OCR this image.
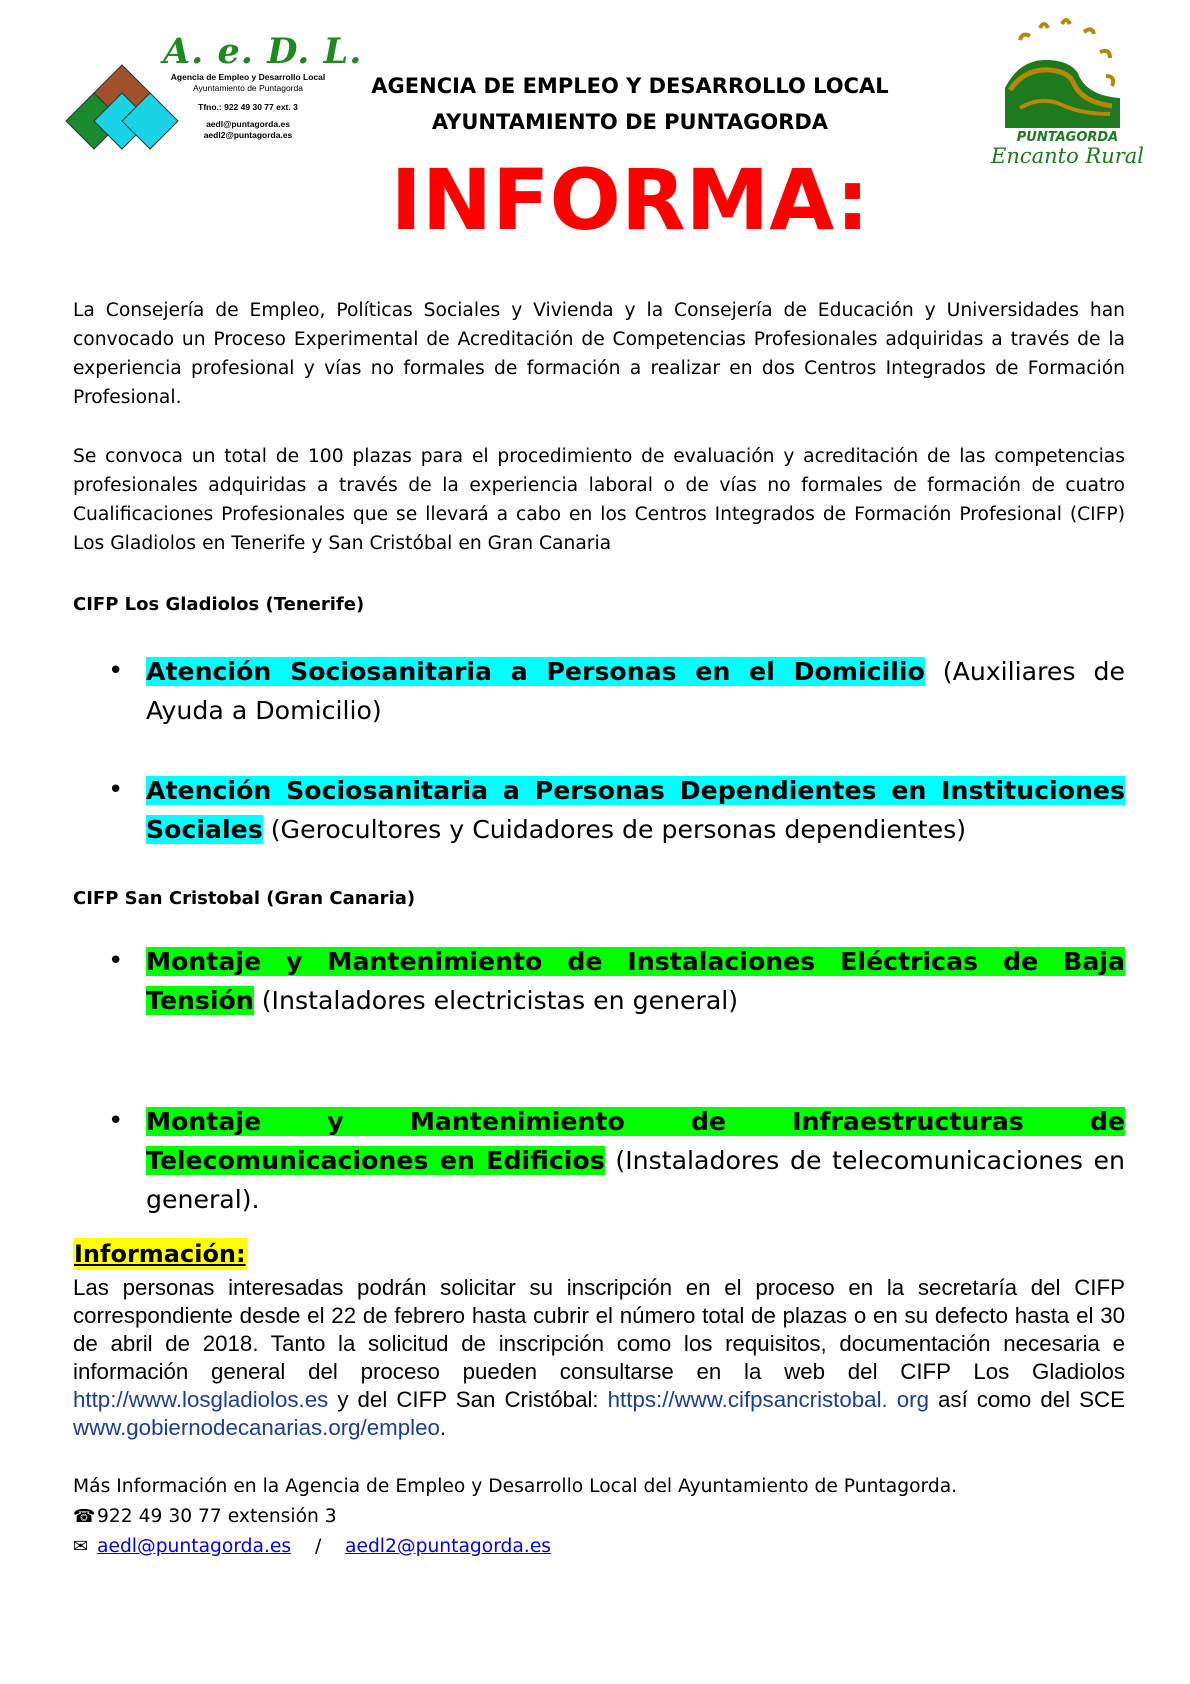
A. e. D. L.
Agencia de Empleo y Desarrollo Local
Ayuntamiento de Puntagorda
Tfno.: 922 49 30 77 ext. 3
aedl@puntagorda.es
aedl2@puntagorda.es
AGENCIA DE EMPLEO Y DESARROLLO LOCAL
AYUNTAMIENTO DE PUNTAGORDA
INFORMA:
PUNTAGORDA
Encanto Rural
La Consejería de Empleo, Políticas Sociales y Vivienda y la Consejería de Educación y Universidades han convocado un Proceso Experimental de Acreditación de Competencias Profesionales adquiridas a través de la experiencia profesional y vías no formales de formación a realizar en dos Centros Integrados de Formación Profesional.
Se convoca un total de 100 plazas para el procedimiento de evaluación y acreditación de las competencias profesionales adquiridas a través de la experiencia laboral o de vías no formales de formación de cuatro Cualificaciones Profesionales que se llevará a cabo en los Centros Integrados de Formación Profesional (CIFP) Los Gladiolos en Tenerife y San Cristóbal en Gran Canaria
CIFP Los Gladiolos (Tenerife)
• Atención Sociosanitaria a Personas en el Domicilio (Auxiliares de Ayuda a Domicilio)
• Atención Sociosanitaria a Personas Dependientes en Instituciones Sociales (Gerocultores y Cuidadores de personas dependientes)
CIFP San Cristobal (Gran Canaria)
• Montaje y Mantenimiento de Instalaciones Eléctricas de Baja Tensión (Instaladores electricistas en general)
• Montaje y Mantenimiento de Infraestructuras de Telecomunicaciones en Edificios (Instaladores de telecomunicaciones en general).
Información:
Las personas interesadas podrán solicitar su inscripción en el proceso en la secretaría del CIFP correspondiente desde el 22 de febrero hasta cubrir el número total de plazas o en su defecto hasta el 30 de abril de 2018. Tanto la solicitud de inscripción como los requisitos, documentación necesaria e información general del proceso pueden consultarse en la web del CIFP Los Gladiolos http://www.losgladiolos.es y del CIFP San Cristóbal: https://www.cifpsancristobal. org así como del SCE www.gobiernodecanarias.org/empleo.
Más Información en la Agencia de Empleo y Desarrollo Local del Ayuntamiento de Puntagorda.
☎922 49 30 77 extensión 3
✉ aedl@puntagorda.es / aedl2@puntagorda.es
